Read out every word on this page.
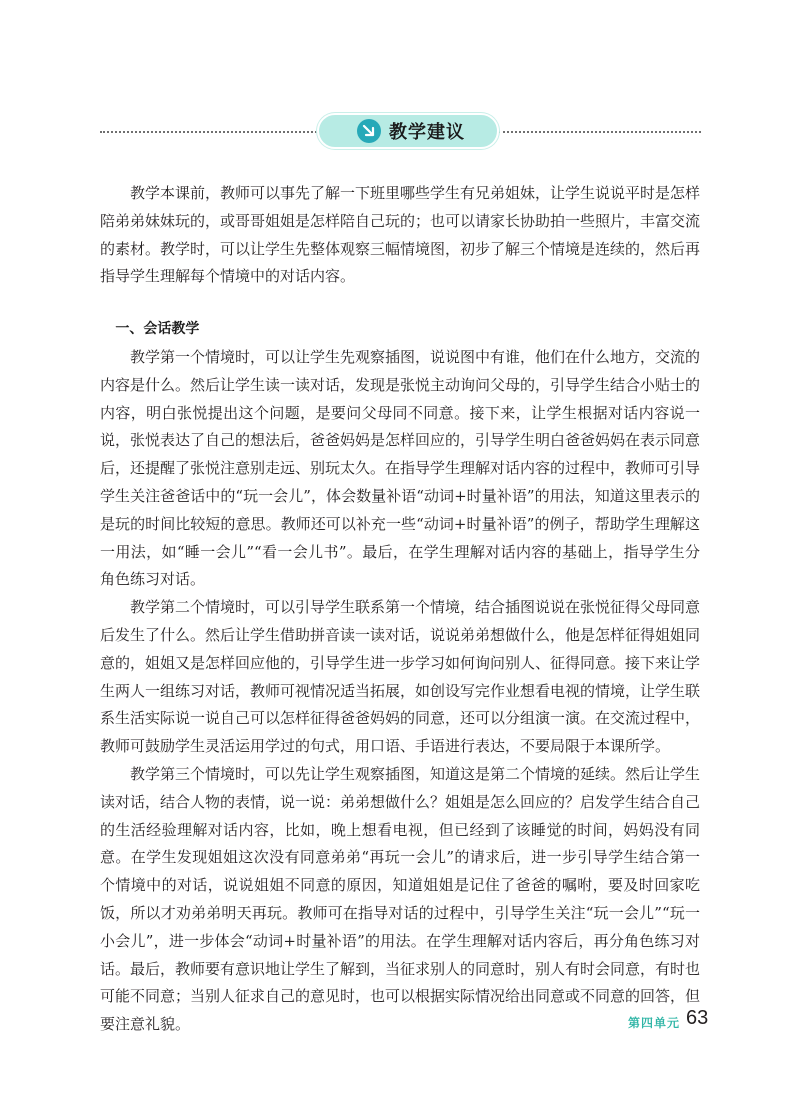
教学建议

教学本课前，教师可以事先了解一下班里哪些学生有兄弟姐妹，让学生说说平时是怎样陪弟弟妹妹玩的，或哥哥姐姐是怎样陪自己玩的；也可以请家长协助拍一些照片，丰富交流的素材。教学时，可以让学生先整体观察三幅情境图，初步了解三个情境是连续的，然后再指导学生理解每个情境中的对话内容。

一、会话教学

教学第一个情境时，可以让学生先观察插图，说说图中有谁，他们在什么地方，交流的内容是什么。然后让学生读一读对话，发现是张悦主动询问父母的，引导学生结合小贴士的内容，明白张悦提出这个问题，是要问父母同不同意。接下来，让学生根据对话内容说一说，张悦表达了自己的想法后，爸爸妈妈是怎样回应的，引导学生明白爸爸妈妈在表示同意后，还提醒了张悦注意别走远、别玩太久。在指导学生理解对话内容的过程中，教师可引导学生关注爸爸话中的“玩一会儿”，体会数量补语“动词+时量补语”的用法，知道这里表示的是玩的时间比较短的意思。教师还可以补充一些“动词+时量补语”的例子，帮助学生理解这一用法，如“睡一会儿”“看一会儿书”。最后，在学生理解对话内容的基础上，指导学生分角色练习对话。

教学第二个情境时，可以引导学生联系第一个情境，结合插图说说在张悦征得父母同意后发生了什么。然后让学生借助拼音读一读对话，说说弟弟想做什么，他是怎样征得姐姐同意的，姐姐又是怎样回应他的，引导学生进一步学习如何询问别人、征得同意。接下来让学生两人一组练习对话，教师可视情况适当拓展，如创设写完作业想看电视的情境，让学生联系生活实际说一说自己可以怎样征得爸爸妈妈的同意，还可以分组演一演。在交流过程中，教师可鼓励学生灵活运用学过的句式，用口语、手语进行表达，不要局限于本课所学。

教学第三个情境时，可以先让学生观察插图，知道这是第二个情境的延续。然后让学生读对话，结合人物的表情，说一说：弟弟想做什么？姐姐是怎么回应的？启发学生结合自己的生活经验理解对话内容，比如，晚上想看电视，但已经到了该睡觉的时间，妈妈没有同意。在学生发现姐姐这次没有同意弟弟“再玩一会儿”的请求后，进一步引导学生结合第一个情境中的对话，说说姐姐不同意的原因，知道姐姐是记住了爸爸的嘱咐，要及时回家吃饭，所以才劝弟弟明天再玩。教师可在指导对话的过程中，引导学生关注“玩一会儿”“玩一小会儿”，进一步体会“动词+时量补语”的用法。在学生理解对话内容后，再分角色练习对话。最后，教师要有意识地让学生了解到，当征求别人的同意时，别人有时会同意，有时也可能不同意；当别人征求自己的意见时，也可以根据实际情况给出同意或不同意的回答，但要注意礼貌。	第四单元 63
